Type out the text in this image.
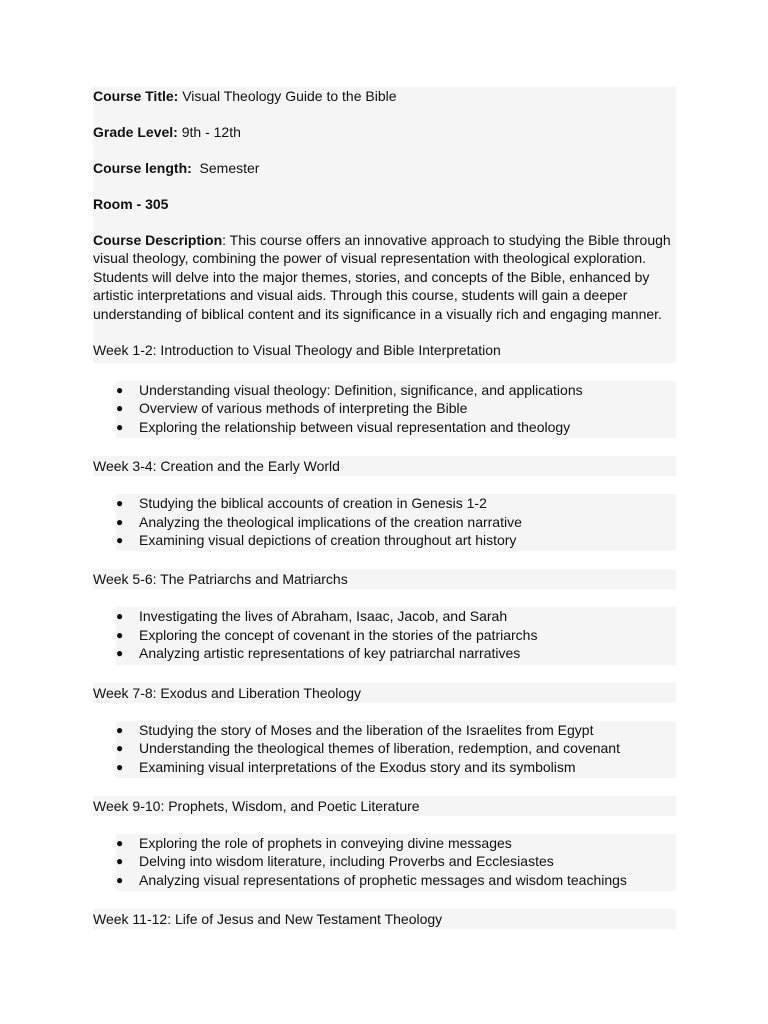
Course Title: Visual Theology Guide to the Bible

Grade Level: 9th - 12th

Course length:  Semester

Room - 305

Course Description: This course offers an innovative approach to studying the Bible through visual theology, combining the power of visual representation with theological exploration. Students will delve into the major themes, stories, and concepts of the Bible, enhanced by artistic interpretations and visual aids. Through this course, students will gain a deeper understanding of biblical content and its significance in a visually rich and engaging manner.

Week 1-2: Introduction to Visual Theology and Bible Interpretation
● Understanding visual theology: Definition, significance, and applications
● Overview of various methods of interpreting the Bible
● Exploring the relationship between visual representation and theology
Week 3-4: Creation and the Early World
● Studying the biblical accounts of creation in Genesis 1-2
● Analyzing the theological implications of the creation narrative
● Examining visual depictions of creation throughout art history
Week 5-6: The Patriarchs and Matriarchs
● Investigating the lives of Abraham, Isaac, Jacob, and Sarah
● Exploring the concept of covenant in the stories of the patriarchs
● Analyzing artistic representations of key patriarchal narratives
Week 7-8: Exodus and Liberation Theology
● Studying the story of Moses and the liberation of the Israelites from Egypt
● Understanding the theological themes of liberation, redemption, and covenant
● Examining visual interpretations of the Exodus story and its symbolism
Week 9-10: Prophets, Wisdom, and Poetic Literature
● Exploring the role of prophets in conveying divine messages
● Delving into wisdom literature, including Proverbs and Ecclesiastes
● Analyzing visual representations of prophetic messages and wisdom teachings
Week 11-12: Life of Jesus and New Testament Theology
